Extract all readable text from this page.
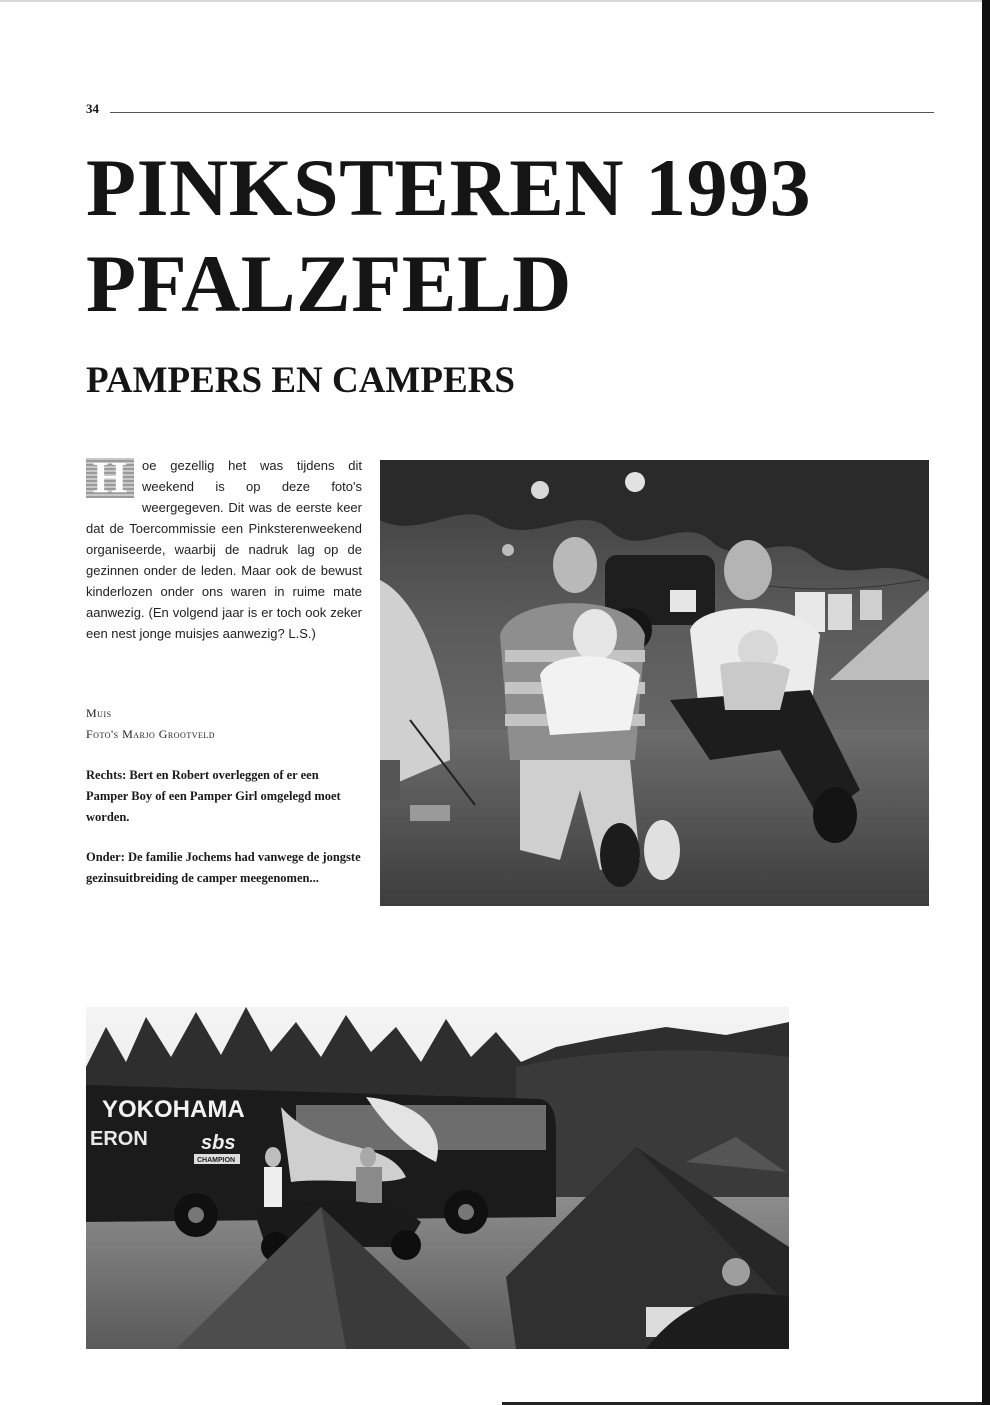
34
PINKSTEREN 1993
PFALZFELD
PAMPERS EN CAMPERS

H	oe gezellig het was tijdens dit weekend is op deze foto's weergegeven. Dit was de eerste keer dat de Toercommissie een Pinksterenweekend organiseerde, waarbij de nadruk lag op de gezinnen onder de leden. Maar ook de bewust kinderlozen onder ons waren in ruime mate aanwezig. (En volgend jaar is er toch ook zeker een nest jonge muisjes aanwezig? L.S.)

Muis
Foto's Marjo Grootveld

Rechts: Bert en Robert overleggen of er een Pamper Boy of een Pamper Girl omgelegd moet worden.

Onder: De familie Jochems had vanwege de jongste gezinsuitbreiding de camper meegenomen...

YOKOHAMA
ERON	sbs
CHAMPION
